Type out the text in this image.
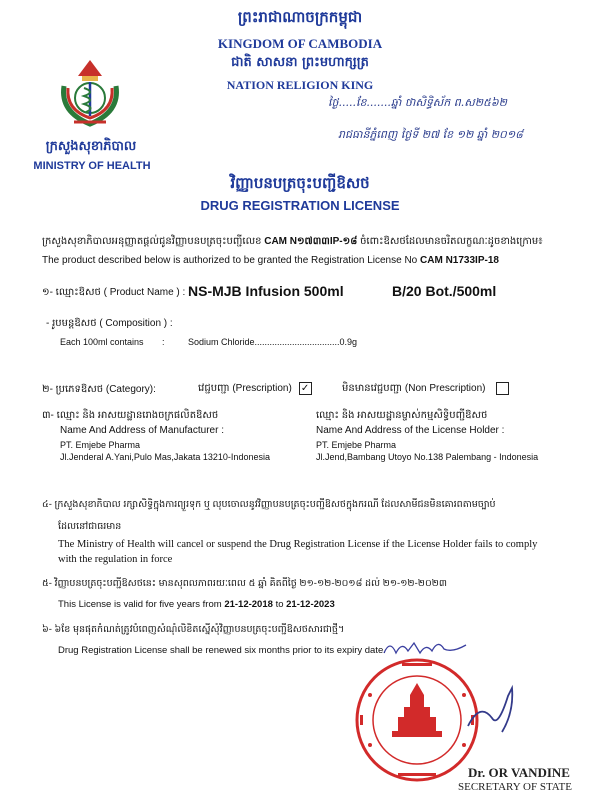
ព្រះរាជាណាចក្រកម្ពុជា
KINGDOM OF CAMBODIA
ជាតិ សាសនា ព្រះមហាក្សត្រ
NATION RELIGION KING
ក្រសួងសុខាភិបាល
MINISTRY OF HEALTH
ថ្ងៃ.....ខែ.......ឆ្នាំ ថាសិទ្ធិស័ក ព.ស២៥៦២
រាជធានីភ្នំពេញ ថ្ងៃទី ២៧ ខែ ១២ ឆ្នាំ ២០១៨
វិញ្ញាបនបត្រចុះបញ្ជីឱសថ
DRUG REGISTRATION LICENSE
ក្រសួងសុខាភិបាលអនុញ្ញាតផ្តល់ជូនវិញ្ញាបនបត្រចុះបញ្ជីលេខ CAM N១៧៣៣IP-១៨ ចំពោះឱសថដែលមានចរិតលក្ខណៈដូចខាងក្រោម៖
The product described below is authorized to be granted the Registration License No CAM N1733IP-18
១- ឈ្មោះឱសថ ( Product Name ) : NS-MJB Infusion 500ml	B/20 Bot./500ml
- រូបមន្តឱសថ ( Composition ) :
Each 100ml contains :	Sodium Chloride..................................0.9g
២- ប្រភេទឱសថ (Category):	វេជ្ជបញ្ជា (Prescription) ✓	មិនមានវេជ្ជបញ្ជា (Non Prescription)
៣- ឈ្មោះ និង អាសយដ្ឋានរោងចក្រផលិតឱសថ
Name And Address of Manufacturer :
PT. Emjebe Pharma
Jl.Jenderal A.Yani,Pulo Mas,Jakata 13210-Indonesia
ឈ្មោះ និង អាសយដ្ឋានម្ចាស់កម្មសិទ្ធិបញ្ជីឱសថ
Name And Address of the License Holder :
PT. Emjebe Pharma
Jl.Jend,Bambang Utoyo No.138 Palembang - Indonesia
៤- ក្រសួងសុខាភិបាល រក្សាសិទ្ធិក្នុងការព្យួរទុក ឬ លុបចោលនូវវិញ្ញាបនបត្រចុះបញ្ជីឱសថក្នុងករណី ដែលសាមីជនមិនគោរពតាមច្បាប់
ដែលនៅជាធរមាន
The Ministry of Health will cancel or suspend the Drug Registration License if the License Holder fails to comply
with the regulation in force
៥- វិញ្ញាបនបត្រចុះបញ្ជីឱសថនេះ មានសុពលភាពរយៈពេល ៥ ឆ្នាំ គិតពីថ្ងៃ ២១-១២-២០១៨ ដល់ ២១-១២-២០២៣
This License is valid for five years from 21-12-2018 to 21-12-2023
៦- ៦ខែ មុនផុតកំណត់ត្រូវបំពេញសំណុំលិខិតស្នើសុំវិញ្ញាបនបត្រចុះបញ្ជីឱសថសារជាថ្មី។
Drug Registration License shall be renewed six months prior to its expiry date.
Dr. OR VANDINE
SECRETARY OF STATE
